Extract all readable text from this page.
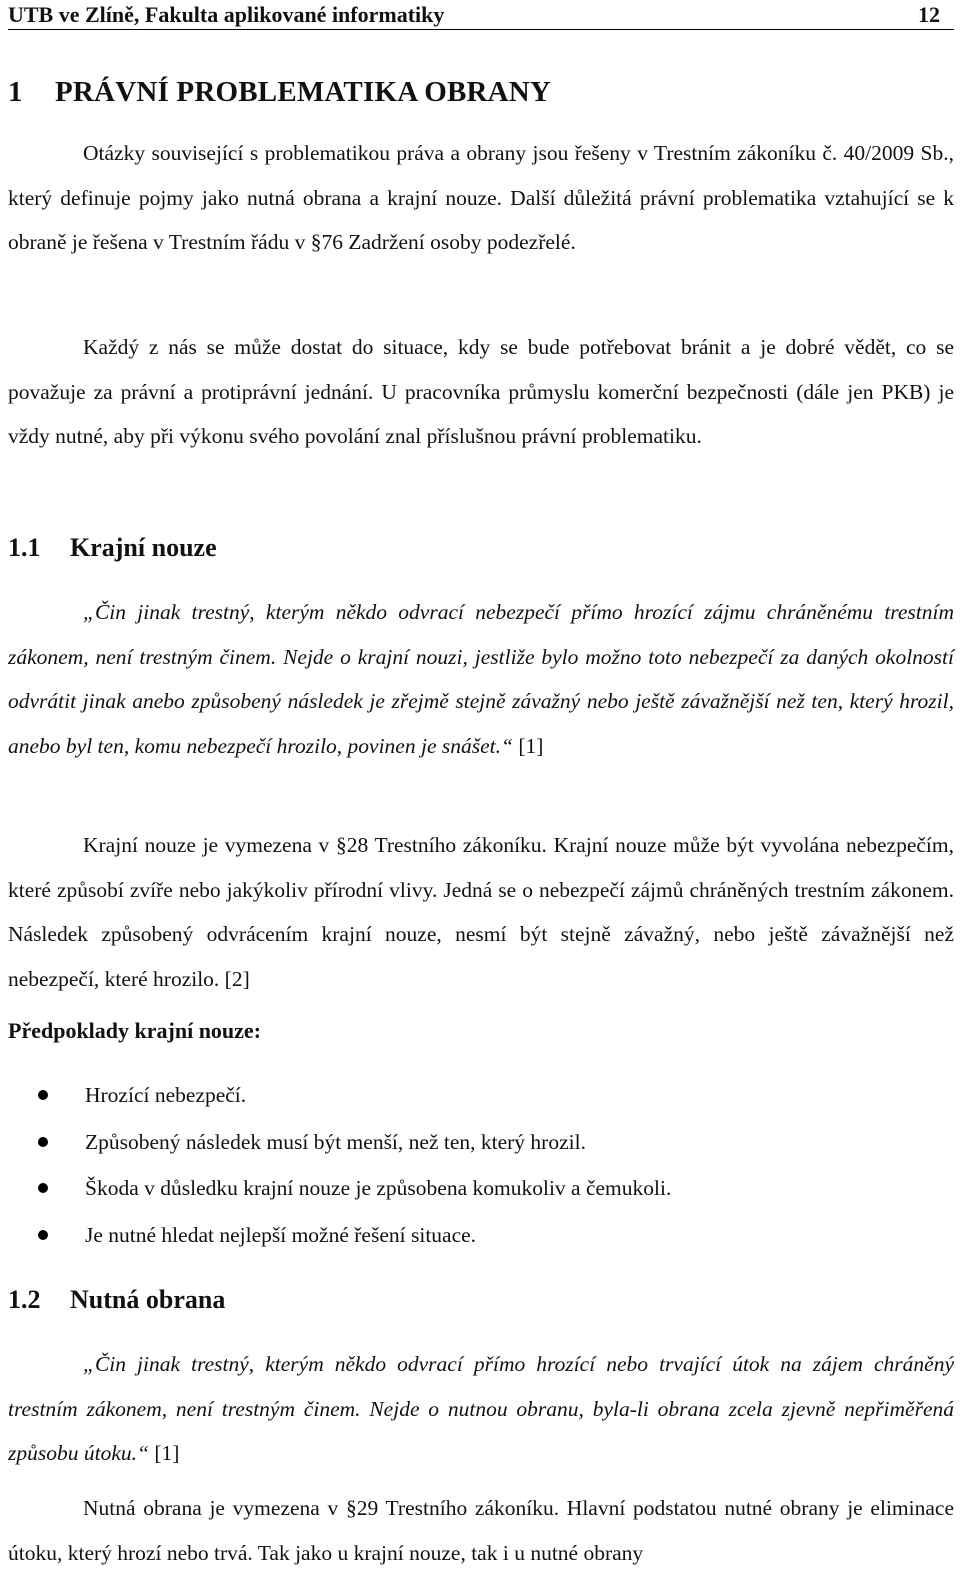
UTB ve Zlíně, Fakulta aplikované informatiky	12
1 PRÁVNÍ PROBLEMATIKA OBRANY

Otázky související s problematikou práva a obrany jsou řešeny v Trestním zákoníku č. 40/2009 Sb., který definuje pojmy jako nutná obrana a krajní nouze. Další důležitá právní problematika vztahující se k obraně je řešena v Trestním řádu v §76 Zadržení osoby podezřelé.

Každý z nás se může dostat do situace, kdy se bude potřebovat bránit a je dobré vědět, co se považuje za právní a protiprávní jednání. U pracovníka průmyslu komerční bezpečnosti (dále jen PKB) je vždy nutné, aby při výkonu svého povolání znal příslušnou právní problematiku.

1.1 Krajní nouze

„Čin jinak trestný, kterým někdo odvrací nebezpečí přímo hrozící zájmu chráněnému trestním zákonem, není trestným činem. Nejde o krajní nouzi, jestliže bylo možno toto nebezpečí za daných okolností odvrátit jinak anebo způsobený následek je zřejmě stejně závažný nebo ještě závažnější než ten, který hrozil, anebo byl ten, komu nebezpečí hrozilo, povinen je snášet.“ [1]

Krajní nouze je vymezena v §28 Trestního zákoníku. Krajní nouze může být vyvolána nebezpečím, které způsobí zvíře nebo jakýkoliv přírodní vlivy. Jedná se o nebezpečí zájmů chráněných trestním zákonem. Následek způsobený odvrácením krajní nouze, nesmí být stejně závažný, nebo ještě závažnější než nebezpečí, které hrozilo. [2]

Předpoklady krajní nouze:
Hrozící nebezpečí.
Způsobený následek musí být menší, než ten, který hrozil.
Škoda v důsledku krajní nouze je způsobena komukoliv a čemukoli.
Je nutné hledat nejlepší možné řešení situace.
1.2 Nutná obrana

„Čin jinak trestný, kterým někdo odvrací přímo hrozící nebo trvající útok na zájem chráněný trestním zákonem, není trestným činem. Nejde o nutnou obranu, byla-li obrana zcela zjevně nepřiměřená způsobu útoku.“ [1]

Nutná obrana je vymezena v §29 Trestního zákoníku. Hlavní podstatou nutné obrany je eliminace útoku, který hrozí nebo trvá. Tak jako u krajní nouze, tak i u nutné obrany
